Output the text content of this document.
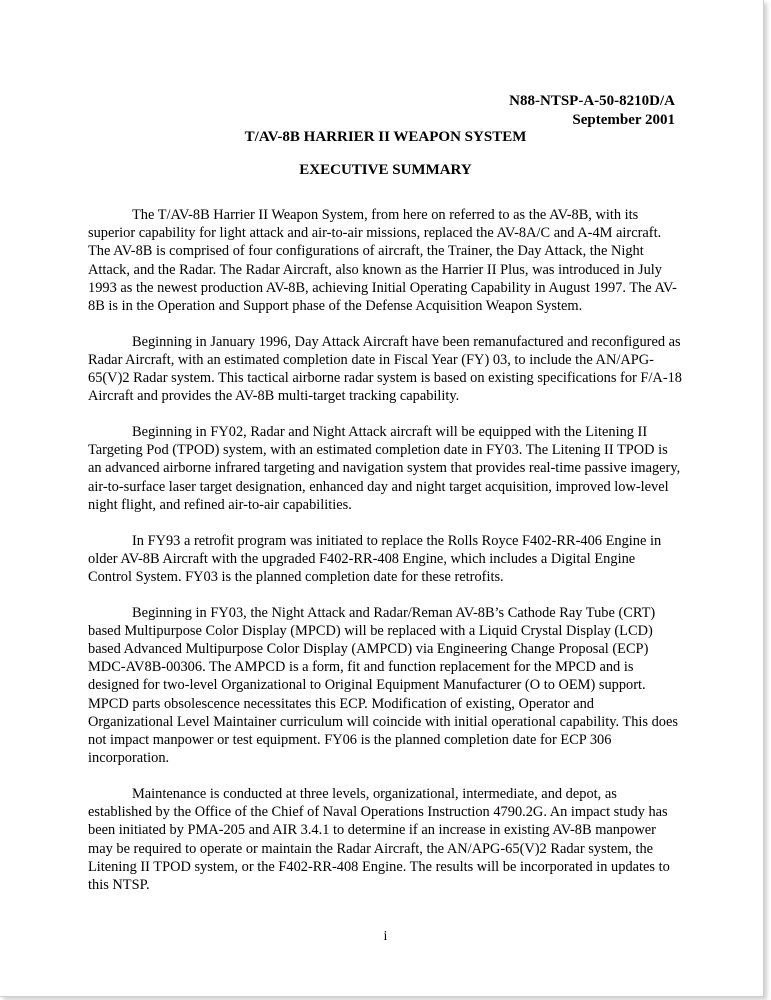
N88-NTSP-A-50-8210D/A
September 2001
T/AV-8B HARRIER II WEAPON SYSTEM
EXECUTIVE SUMMARY

The T/AV-8B Harrier II Weapon System, from here on referred to as the AV-8B, with its superior capability for light attack and air-to-air missions, replaced the AV-8A/C and A-4M aircraft. The AV-8B is comprised of four configurations of aircraft, the Trainer, the Day Attack, the Night Attack, and the Radar. The Radar Aircraft, also known as the Harrier II Plus, was introduced in July 1993 as the newest production AV-8B, achieving Initial Operating Capability in August 1997. The AV-8B is in the Operation and Support phase of the Defense Acquisition Weapon System.

Beginning in January 1996, Day Attack Aircraft have been remanufactured and reconfigured as Radar Aircraft, with an estimated completion date in Fiscal Year (FY) 03, to include the AN/APG-65(V)2 Radar system. This tactical airborne radar system is based on existing specifications for F/A-18 Aircraft and provides the AV-8B multi-target tracking capability.

Beginning in FY02, Radar and Night Attack aircraft will be equipped with the Litening II Targeting Pod (TPOD) system, with an estimated completion date in FY03. The Litening II TPOD is an advanced airborne infrared targeting and navigation system that provides real-time passive imagery, air-to-surface laser target designation, enhanced day and night target acquisition, improved low-level night flight, and refined air-to-air capabilities.

In FY93 a retrofit program was initiated to replace the Rolls Royce F402-RR-406 Engine in older AV-8B Aircraft with the upgraded F402-RR-408 Engine, which includes a Digital Engine Control System. FY03 is the planned completion date for these retrofits.

Beginning in FY03, the Night Attack and Radar/Reman AV-8B’s Cathode Ray Tube (CRT) based Multipurpose Color Display (MPCD) will be replaced with a Liquid Crystal Display (LCD) based Advanced Multipurpose Color Display (AMPCD) via Engineering Change Proposal (ECP) MDC-AV8B-00306. The AMPCD is a form, fit and function replacement for the MPCD and is designed for two-level Organizational to Original Equipment Manufacturer (O to OEM) support. MPCD parts obsolescence necessitates this ECP. Modification of existing, Operator and Organizational Level Maintainer curriculum will coincide with initial operational capability. This does not impact manpower or test equipment. FY06 is the planned completion date for ECP 306 incorporation.

Maintenance is conducted at three levels, organizational, intermediate, and depot, as established by the Office of the Chief of Naval Operations Instruction 4790.2G. An impact study has been initiated by PMA-205 and AIR 3.4.1 to determine if an increase in existing AV-8B manpower may be required to operate or maintain the Radar Aircraft, the AN/APG-65(V)2 Radar system, the Litening II TPOD system, or the F402-RR-408 Engine. The results will be incorporated in updates to this NTSP.

i
